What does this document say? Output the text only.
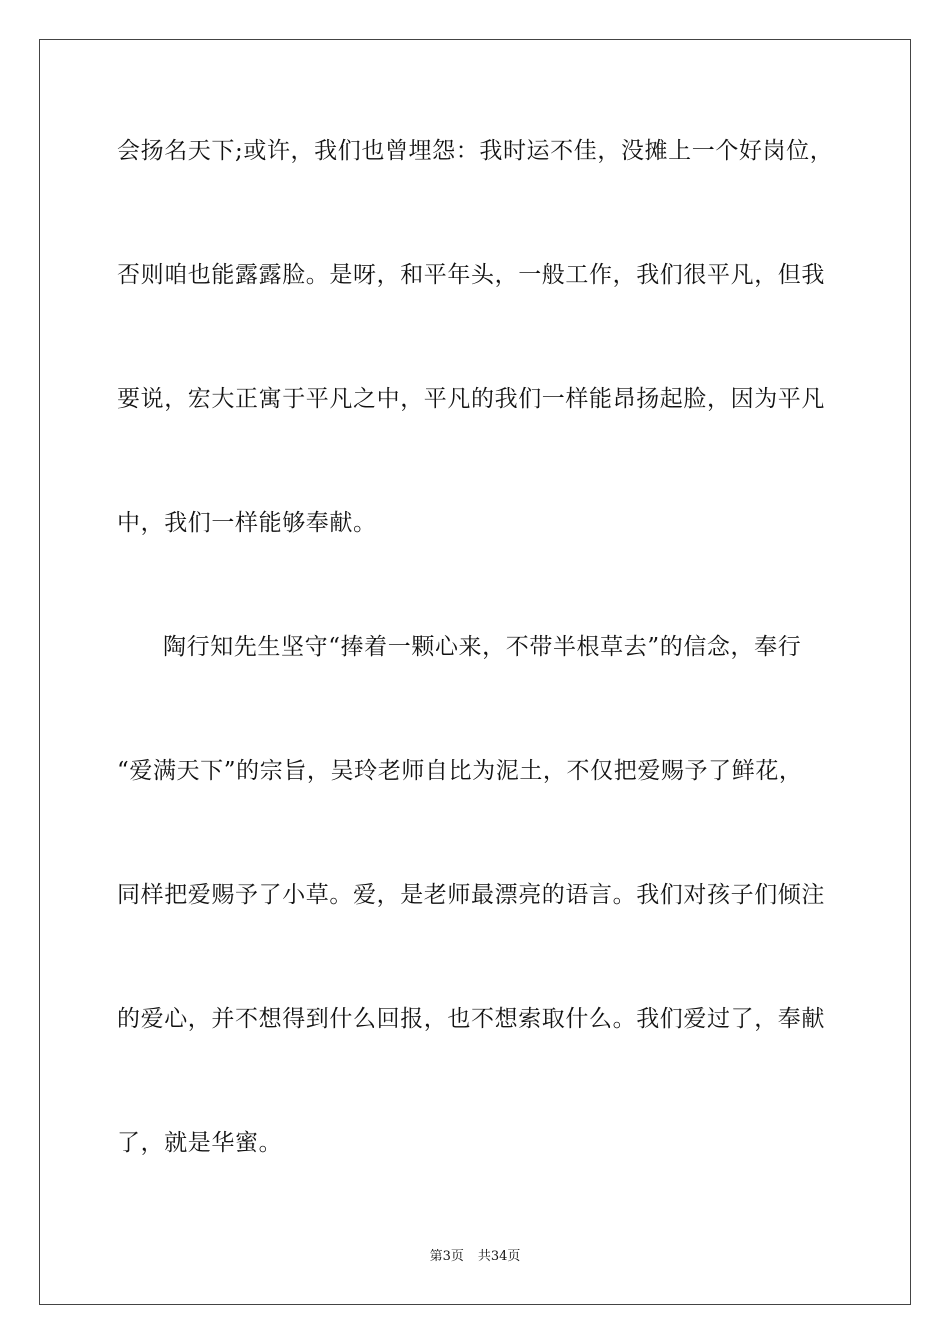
会扬名天下;或许，我们也曾埋怨：我时运不佳，没摊上一个好岗位，
否则咱也能露露脸。是呀，和平年头，一般工作，我们很平凡，但我
要说，宏大正寓于平凡之中，平凡的我们一样能昂扬起脸，因为平凡
中，我们一样能够奉献。
陶行知先生坚守“捧着一颗心来，不带半根草去”的信念，奉行
“爱满天下”的宗旨，吴玲老师自比为泥土，不仅把爱赐予了鲜花，
同样把爱赐予了小草。爱，是老师最漂亮的语言。我们对孩子们倾注
的爱心，并不想得到什么回报，也不想索取什么。我们爱过了，奉献
了，就是华蜜。
第3页 共34页
